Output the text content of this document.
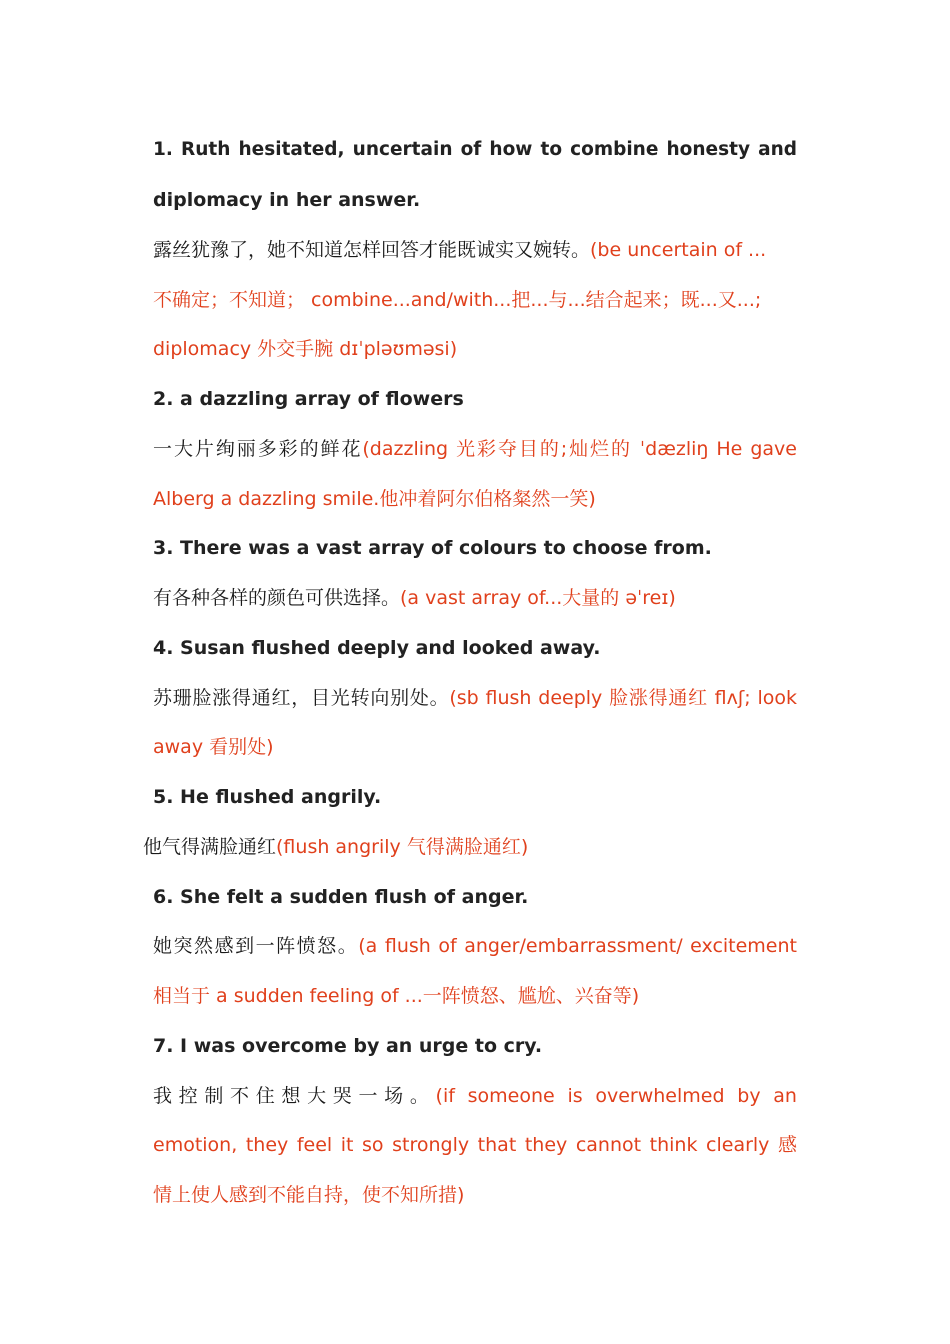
1. Ruth hesitated, uncertain of how to combine honesty and
diplomacy in her answer.
露丝犹豫了，她不知道怎样回答才能既诚实又婉转。(be uncertain of ...
不确定；不知道； combine...and/with...把...与...结合起来；既...又...;
diplomacy 外交手腕 dɪˈpləʊməsi)
2. a dazzling array of flowers
一大片绚丽多彩的鲜花(dazzling 光彩夺目的;灿烂的 ˈdæzliŋ He gave
Alberg a dazzling smile.他冲着阿尔伯格粲然一笑)
3. There was a vast array of colours to choose from.
有各种各样的颜色可供选择。(a vast array of...大量的 əˈreɪ)
4. Susan flushed deeply and looked away.
苏珊脸涨得通红，目光转向别处。(sb flush deeply 脸涨得通红 flʌʃ; look
away 看别处)
5. He flushed angrily.
他气得满脸通红(flush angrily 气得满脸通红)
6. She felt a sudden flush of anger.
她突然感到一阵愤怒。(a flush of anger/embarrassment/ excitement
相当于 a sudden feeling of ...一阵愤怒、尴尬、兴奋等)
7. I was overcome by an urge to cry.
我控制不住想大哭一场。(if someone is overwhelmed by an
emotion, they feel it so strongly that they cannot think clearly 感
情上使人感到不能自持，使不知所措)
